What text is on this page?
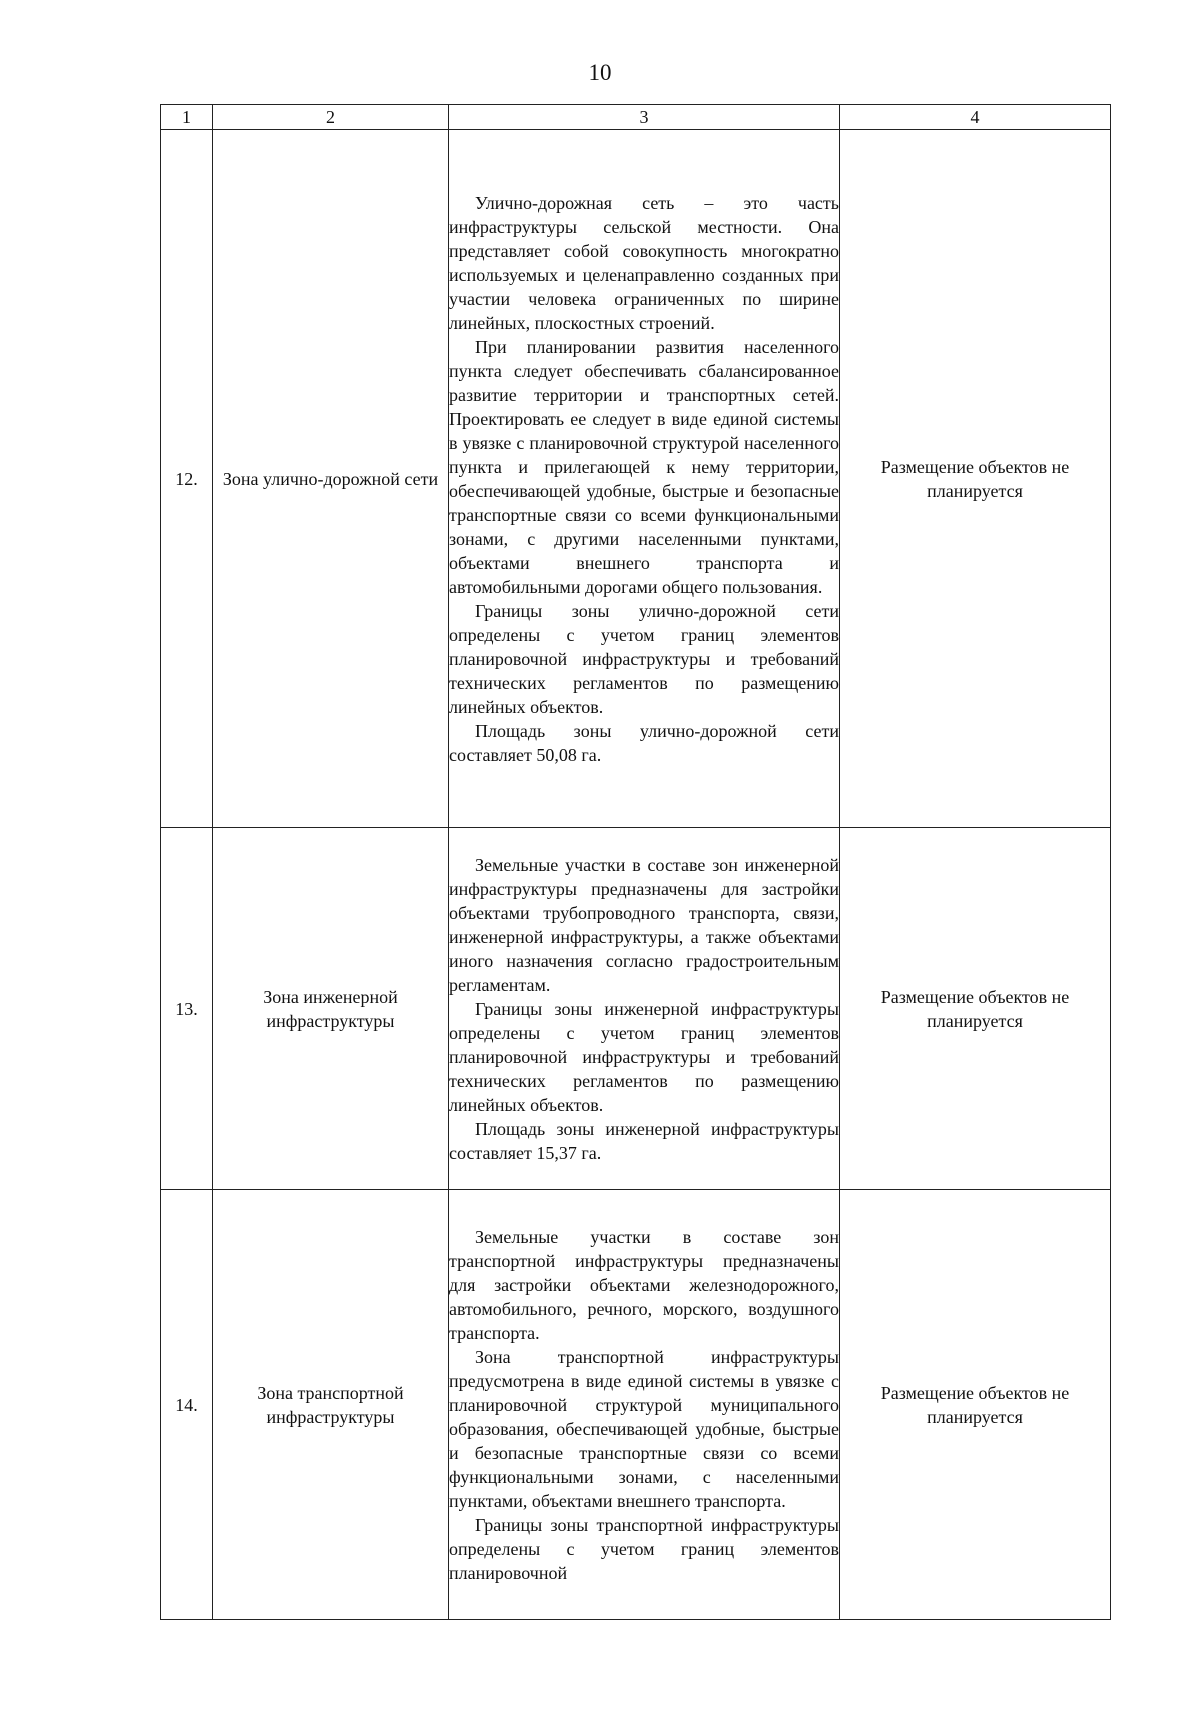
10
1	2	3	4
12.	Зона улично-дорожной сети	Улично-дорожная сеть – это часть инфраструктуры сельской местности. Она представляет собой совокупность многократно используемых и целенаправленно созданных при участии человека ограниченных по ширине линейных, плоскостных строений.

При планировании развития населенного пункта следует обеспечивать сбалансированное развитие территории и транспортных сетей. Проектировать ее следует в виде единой системы в увязке с планировочной структурой населенного пункта и прилегающей к нему территории, обеспечивающей удобные, быстрые и безопасные транспортные связи со всеми функциональными зонами, с другими населенными пунктами, объектами внешнего транспорта и автомобильными дорогами общего пользования.

Границы зоны улично-дорожной сети определены с учетом границ элементов планировочной инфраструктуры и требований технических регламентов по размещению линейных объектов.

Площадь зоны улично-дорожной сети составляет 50,08 га.	Размещение объектов не планируется
13.	Зона инженерной инфраструктуры	Земельные участки в составе зон инженерной инфраструктуры предназначены для застройки объектами трубопроводного транспорта, связи, инженерной инфраструктуры, а также объектами иного назначения согласно градостроительным регламентам.

Границы зоны инженерной инфраструктуры определены с учетом границ элементов планировочной инфраструктуры и требований технических регламентов по размещению линейных объектов.

Площадь зоны инженерной инфраструктуры составляет 15,37 га.	Размещение объектов не планируется
14.	Зона транспортной инфраструктуры	Земельные участки в составе зон транспортной инфраструктуры предназначены для застройки объектами железнодорожного, автомобильного, речного, морского, воздушного транспорта.

Зона транспортной инфраструктуры предусмотрена в виде единой системы в увязке с планировочной структурой муниципального образования, обеспечивающей удобные, быстрые и безопасные транспортные связи со всеми функциональными зонами, с населенными пунктами, объектами внешнего транспорта.

Границы зоны транспортной инфраструктуры определены с учетом границ элементов планировочной	Размещение объектов не планируется
